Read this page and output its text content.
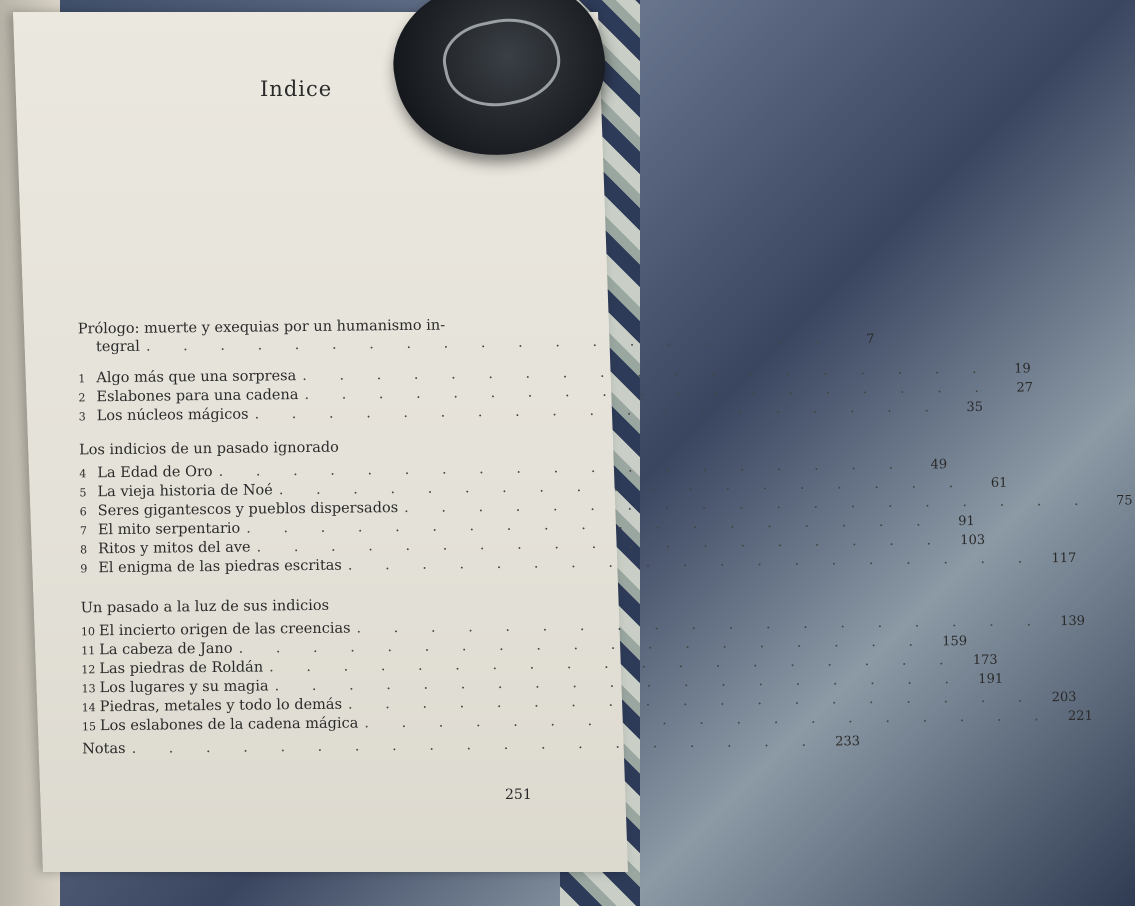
Indice
Prólogo: muerte y exequias por un humanismo in-
tegral . . . . . . . . . . . . . . . . . . .	7
1 Algo más que una sorpresa . . . . . . . . . . . . . . . . . . .	19
2 Eslabones para una cadena . . . . . . . . . . . . . . . . . . .	27
3 Los núcleos mágicos . . . . . . . . . . . . . . . . . . .	35
Los indicios de un pasado ignorado
4 La Edad de Oro . . . . . . . . . . . . . . . . . . .	49
5 La vieja historia de Noé . . . . . . . . . . . . . . . . . . .	61
6 Seres gigantescos y pueblos dispersados . . . . . . . . . . . . . . . . . . .	75
7 El mito serpentario . . . . . . . . . . . . . . . . . . .	91
8 Ritos y mitos del ave . . . . . . . . . . . . . . . . . . .	103
9 El enigma de las piedras escritas . . . . . . . . . . . . . . . . . . .	117
Un pasado a la luz de sus indicios
10 El incierto origen de las creencias . . . . . . . . . . . . . . . . . . .	139
11 La cabeza de Jano . . . . . . . . . . . . . . . . . . .	159
12 Las piedras de Roldán . . . . . . . . . . . . . . . . . . .	173
13 Los lugares y su magia . . . . . . . . . . . . . . . . . . .	191
14 Piedras, metales y todo lo demás . . . . . . . . . . . . . . . . . . .	203
15 Los eslabones de la cadena mágica . . . . . . . . . . . . . . . . . . .	221
Notas . . . . . . . . . . . . . . . . . . .	233
251
